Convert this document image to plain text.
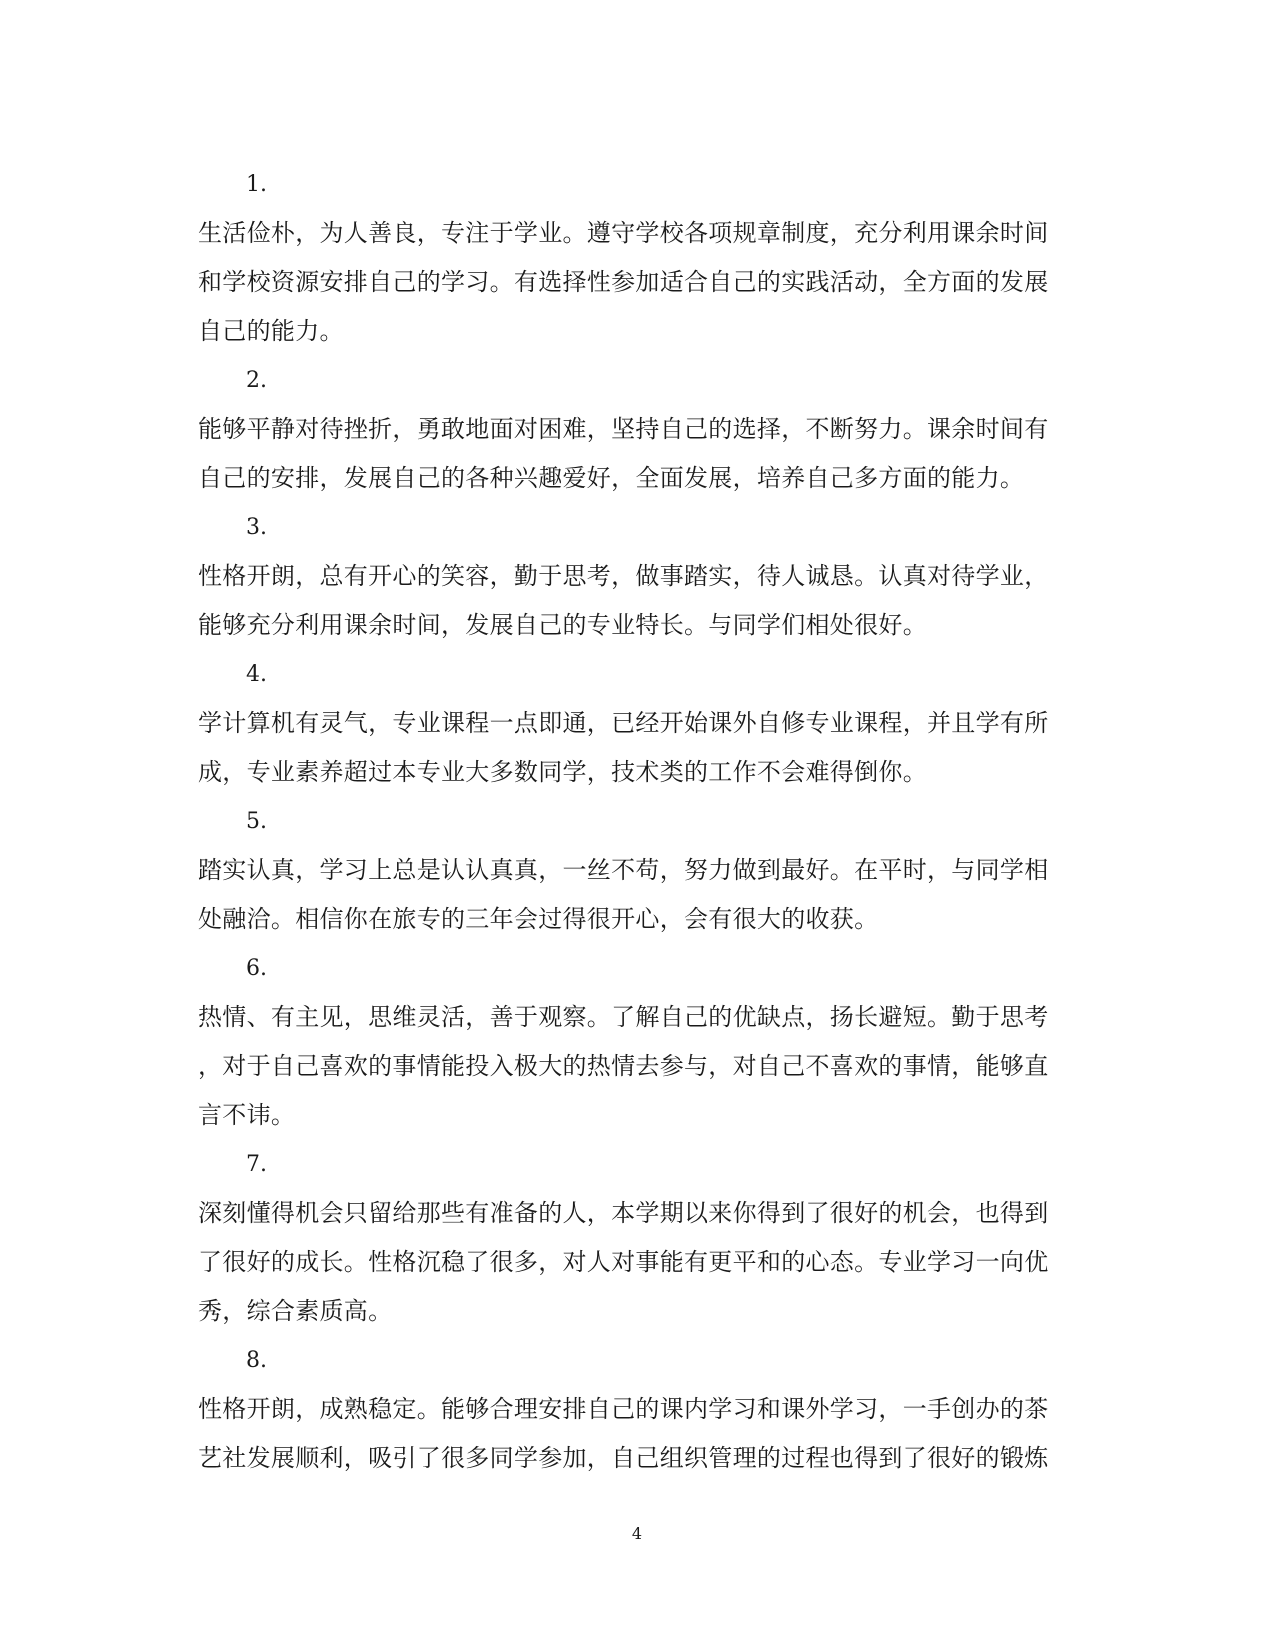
1.
生活俭朴，为人善良，专注于学业。遵守学校各项规章制度，充分利用课余时间
和学校资源安排自己的学习。有选择性参加适合自己的实践活动，全方面的发展
自己的能力。
2.
能够平静对待挫折，勇敢地面对困难，坚持自己的选择，不断努力。课余时间有
自己的安排，发展自己的各种兴趣爱好，全面发展，培养自己多方面的能力。
3.
性格开朗，总有开心的笑容，勤于思考，做事踏实，待人诚恳。认真对待学业，
能够充分利用课余时间，发展自己的专业特长。与同学们相处很好。
4.
学计算机有灵气，专业课程一点即通，已经开始课外自修专业课程，并且学有所
成，专业素养超过本专业大多数同学，技术类的工作不会难得倒你。
5.
踏实认真，学习上总是认认真真，一丝不苟，努力做到最好。在平时，与同学相
处融洽。相信你在旅专的三年会过得很开心，会有很大的收获。
6.
热情、有主见，思维灵活，善于观察。了解自己的优缺点，扬长避短。勤于思考
，对于自己喜欢的事情能投入极大的热情去参与，对自己不喜欢的事情，能够直
言不讳。
7.
深刻懂得机会只留给那些有准备的人，本学期以来你得到了很好的机会，也得到
了很好的成长。性格沉稳了很多，对人对事能有更平和的心态。专业学习一向优
秀，综合素质高。
8.
性格开朗，成熟稳定。能够合理安排自己的课内学习和课外学习，一手创办的茶
艺社发展顺利，吸引了很多同学参加，自己组织管理的过程也得到了很好的锻炼
4
